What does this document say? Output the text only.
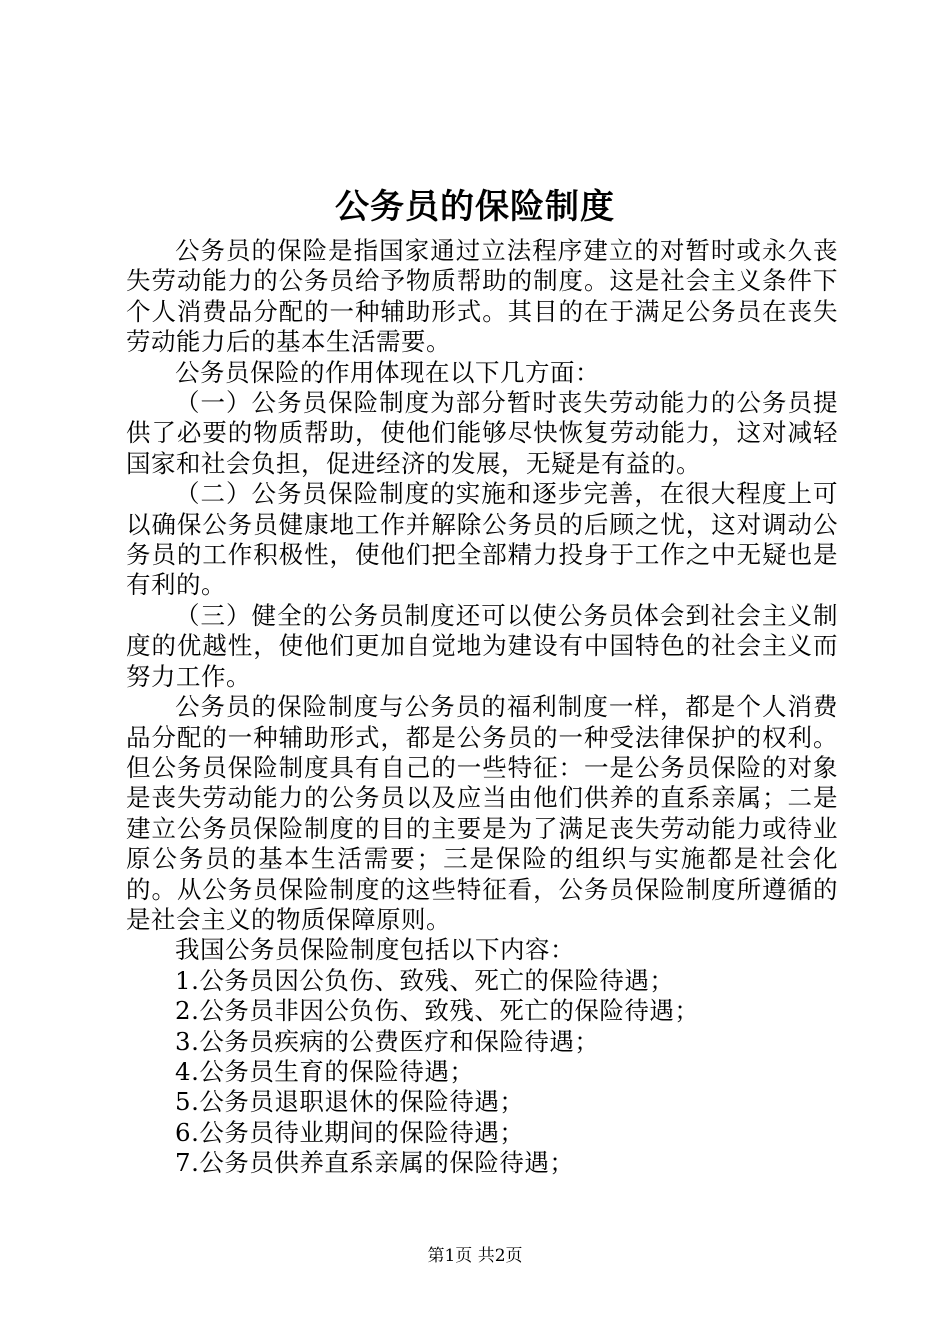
公务员的保险制度

公务员的保险是指国家通过立法程序建立的对暂时或永久丧失劳动能力的公务员给予物质帮助的制度。这是社会主义条件下个人消费品分配的一种辅助形式。其目的在于满足公务员在丧失劳动能力后的基本生活需要。

公务员保险的作用体现在以下几方面：

（一）公务员保险制度为部分暂时丧失劳动能力的公务员提供了必要的物质帮助，使他们能够尽快恢复劳动能力，这对减轻国家和社会负担，促进经济的发展，无疑是有益的。

（二）公务员保险制度的实施和逐步完善，在很大程度上可以确保公务员健康地工作并解除公务员的后顾之忧，这对调动公务员的工作积极性，使他们把全部精力投身于工作之中无疑也是有利的。

（三）健全的公务员制度还可以使公务员体会到社会主义制度的优越性，使他们更加自觉地为建设有中国特色的社会主义而努力工作。

公务员的保险制度与公务员的福利制度一样，都是个人消费品分配的一种辅助形式，都是公务员的一种受法律保护的权利。但公务员保险制度具有自己的一些特征：一是公务员保险的对象是丧失劳动能力的公务员以及应当由他们供养的直系亲属；二是建立公务员保险制度的目的主要是为了满足丧失劳动能力或待业原公务员的基本生活需要；三是保险的组织与实施都是社会化的。从公务员保险制度的这些特征看，公务员保险制度所遵循的是社会主义的物质保障原则。

我国公务员保险制度包括以下内容：

1.公务员因公负伤、致残、死亡的保险待遇；

2.公务员非因公负伤、致残、死亡的保险待遇；

3.公务员疾病的公费医疗和保险待遇；

4.公务员生育的保险待遇；

5.公务员退职退休的保险待遇；

6.公务员待业期间的保险待遇；

7.公务员供养直系亲属的保险待遇；

第1页 共2页
